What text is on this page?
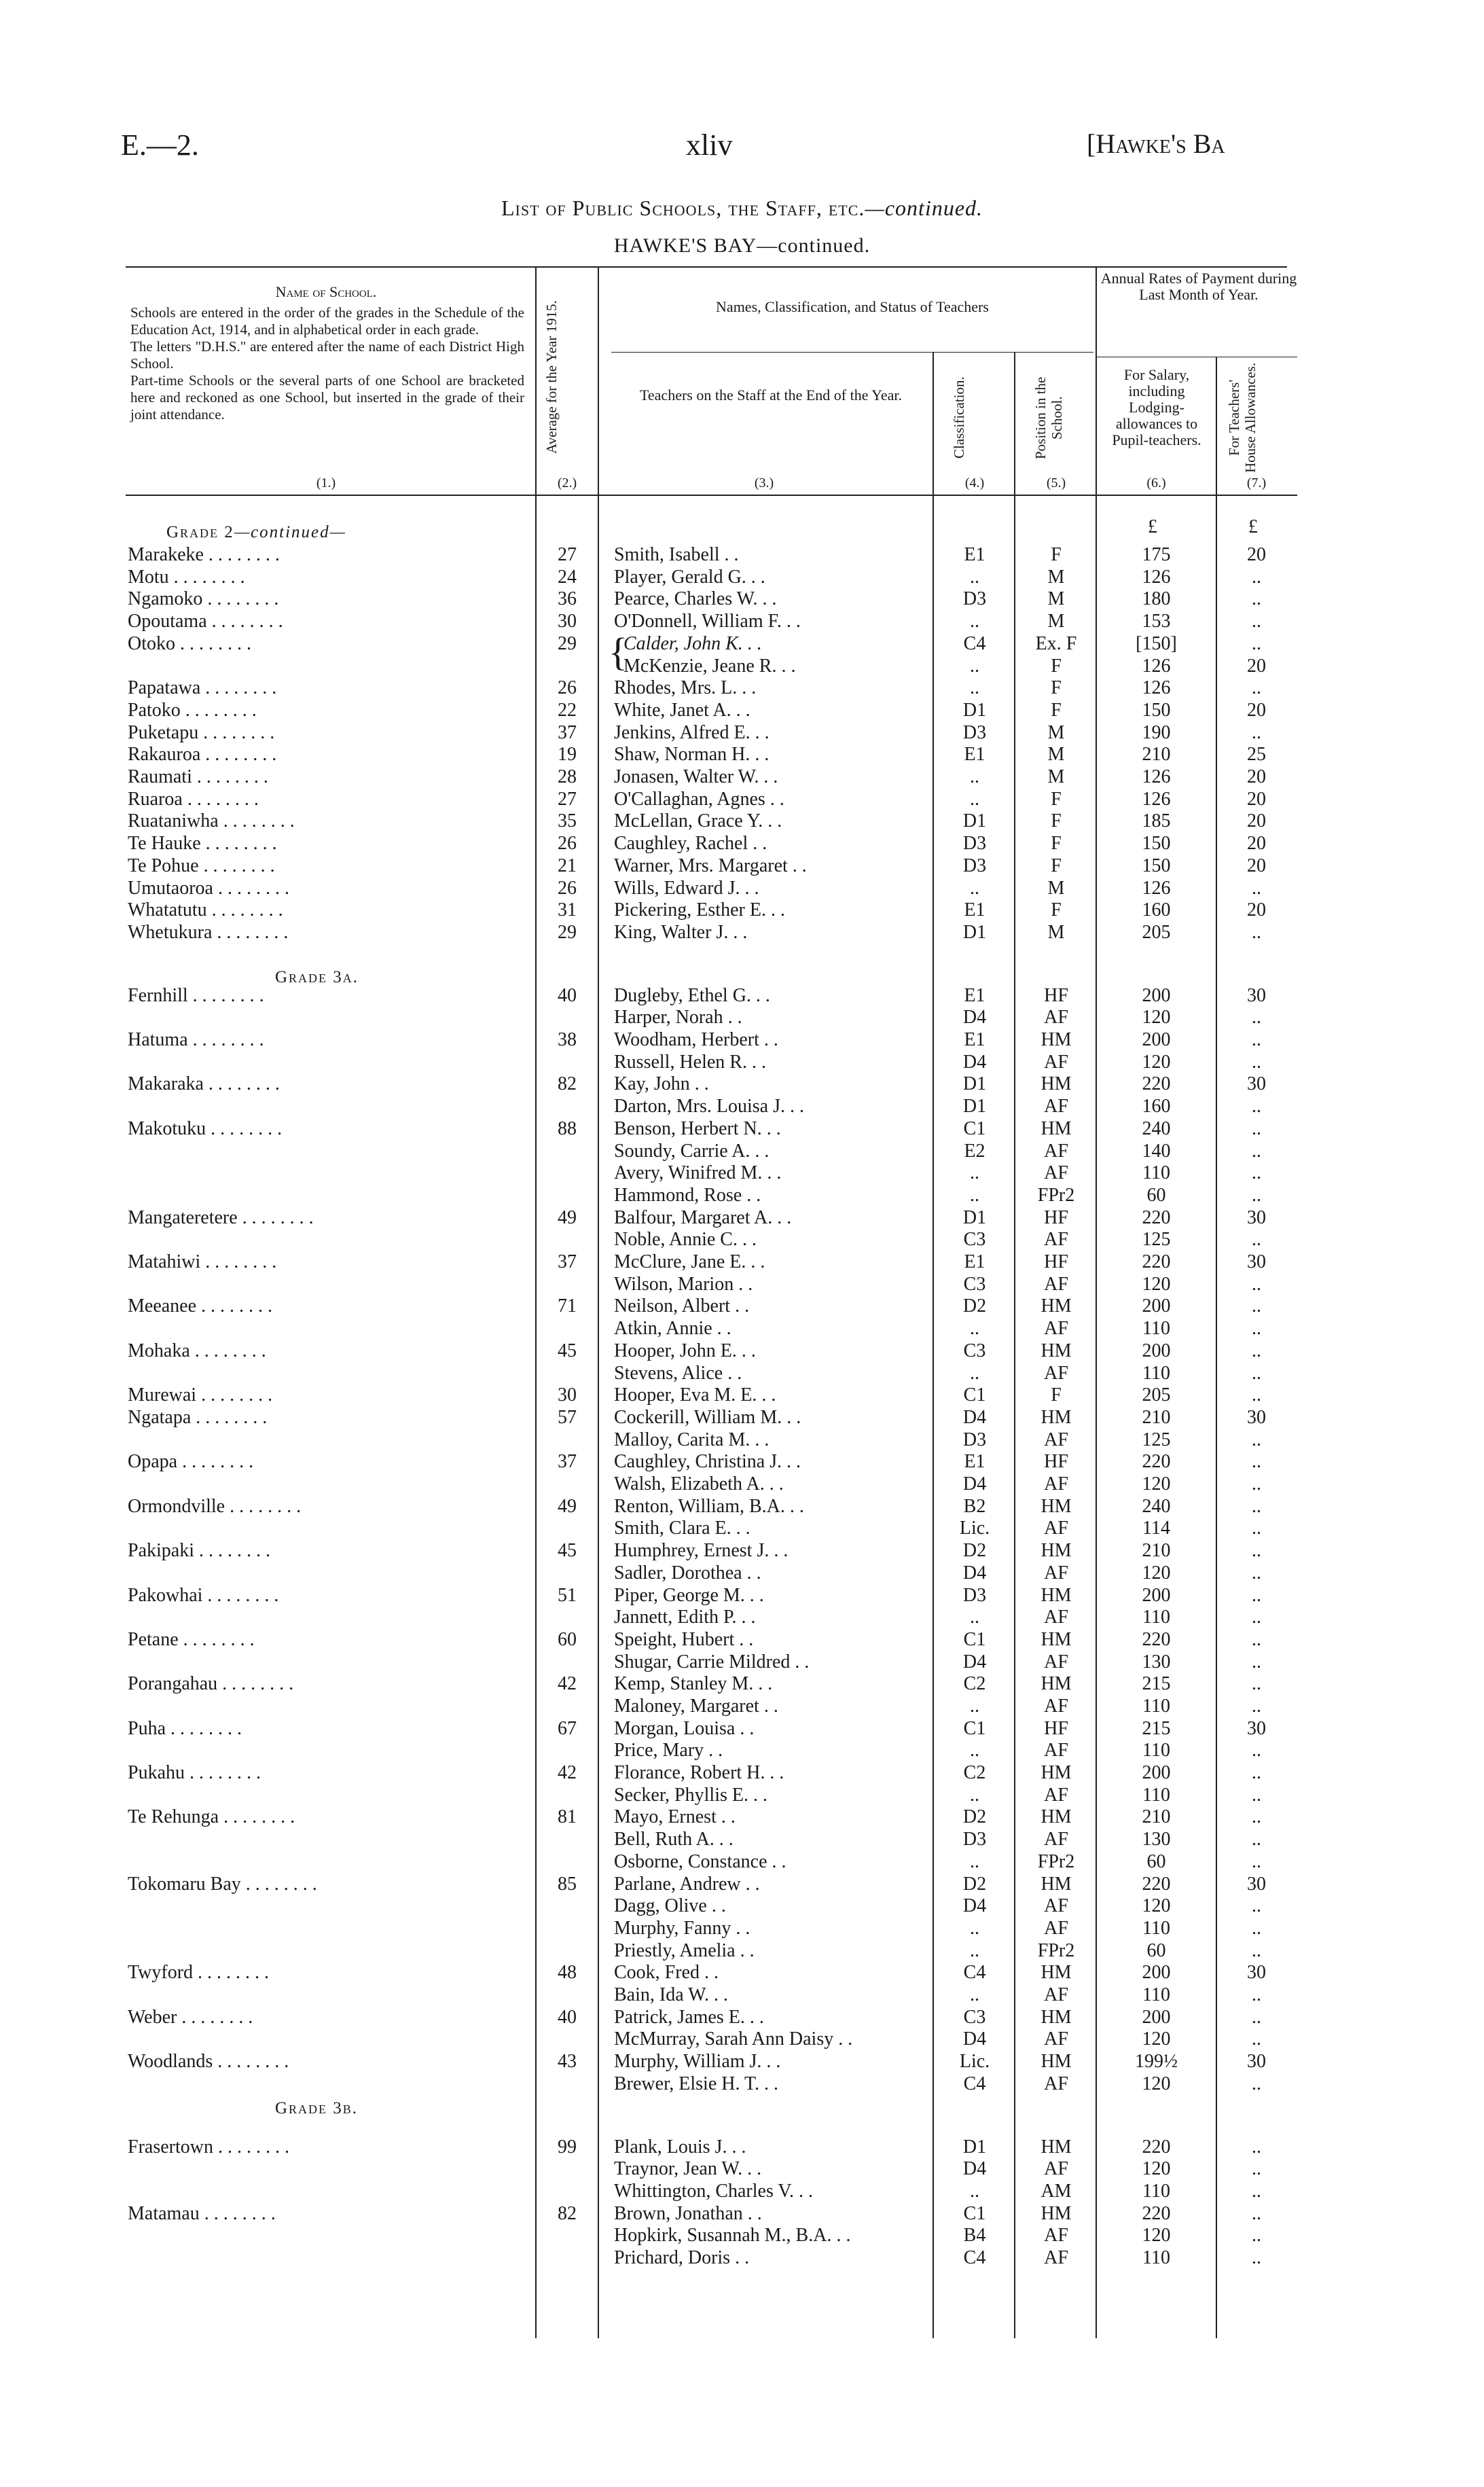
E.—2.	xliv	[Hawke's Ba
List of Public Schools, the Staff, etc.—continued.
HAWKE'S BAY—continued.
Name of School.
Schools are entered in the order of the grades in the Schedule of the Education Act, 1914, and in alphabetical order in each grade.
The letters "D.H.S." are entered after the name of each District High School.
Part-time Schools or the several parts of one School are bracketed here and reckoned as one School, but inserted in the grade of their joint attendance.	Average for the Year 1915.	Names, Classification, and Status of Teachers
Teachers on the Staff at the End of the Year.	Classification.	Position in the School.
Annual Rates of Payment during Last Month of Year.
For Salary, including Lodging-allowances to Pupil-teachers.	For Teachers' House Allowances.
(1.)	(2.)	(3.)	(4.)	(5.)	(6.)	(7.)
£	£
Grade 2—continued—
Grade 3a.
Grade 3b.
{
Marakeke . . . . . . . .	27	Smith, Isabell . .	E1	F	175	20
Motu . . . . . . . .	24	Player, Gerald G. . .	..	M	126	..
Ngamoko . . . . . . . .	36	Pearce, Charles W. . .	D3	M	180	..
Opoutama . . . . . . . .	30	O'Donnell, William F. . .	..	M	153	..
Otoko . . . . . . . .	29	Calder, John K. . .	C4	Ex. F	[150]	..
McKenzie, Jeane R. . .	..	F	126	20
Papatawa . . . . . . . .	26	Rhodes, Mrs. L. . .	..	F	126	..
Patoko . . . . . . . .	22	White, Janet A. . .	D1	F	150	20
Puketapu . . . . . . . .	37	Jenkins, Alfred E. . .	D3	M	190	..
Rakauroa . . . . . . . .	19	Shaw, Norman H. . .	E1	M	210	25
Raumati . . . . . . . .	28	Jonasen, Walter W. . .	..	M	126	20
Ruaroa . . . . . . . .	27	O'Callaghan, Agnes . .	..	F	126	20
Ruataniwha . . . . . . . .	35	McLellan, Grace Y. . .	D1	F	185	20
Te Hauke . . . . . . . .	26	Caughley, Rachel . .	D3	F	150	20
Te Pohue . . . . . . . .	21	Warner, Mrs. Margaret . .	D3	F	150	20
Umutaoroa . . . . . . . .	26	Wills, Edward J. . .	..	M	126	..
Whatatutu . . . . . . . .	31	Pickering, Esther E. . .	E1	F	160	20
Whetukura . . . . . . . .	29	King, Walter J. . .	D1	M	205	..
Fernhill . . . . . . . .	40	Dugleby, Ethel G. . .	E1	HF	200	30
Harper, Norah . .	D4	AF	120	..
Hatuma . . . . . . . .	38	Woodham, Herbert . .	E1	HM	200	..
Russell, Helen R. . .	D4	AF	120	..
Makaraka . . . . . . . .	82	Kay, John . .	D1	HM	220	30
Darton, Mrs. Louisa J. . .	D1	AF	160	..
Makotuku . . . . . . . .	88	Benson, Herbert N. . .	C1	HM	240	..
Soundy, Carrie A. . .	E2	AF	140	..
Avery, Winifred M. . .	..	AF	110	..
Hammond, Rose . .	..	FPr2	60	..
Mangateretere . . . . . . . .	49	Balfour, Margaret A. . .	D1	HF	220	30
Noble, Annie C. . .	C3	AF	125	..
Matahiwi . . . . . . . .	37	McClure, Jane E. . .	E1	HF	220	30
Wilson, Marion . .	C3	AF	120	..
Meeanee . . . . . . . .	71	Neilson, Albert . .	D2	HM	200	..
Atkin, Annie . .	..	AF	110	..
Mohaka . . . . . . . .	45	Hooper, John E. . .	C3	HM	200	..
Stevens, Alice . .	..	AF	110	..
Murewai . . . . . . . .	30	Hooper, Eva M. E. . .	C1	F	205	..
Ngatapa . . . . . . . .	57	Cockerill, William M. . .	D4	HM	210	30
Malloy, Carita M. . .	D3	AF	125	..
Opapa . . . . . . . .	37	Caughley, Christina J. . .	E1	HF	220	..
Walsh, Elizabeth A. . .	D4	AF	120	..
Ormondville . . . . . . . .	49	Renton, William, B.A. . .	B2	HM	240	..
Smith, Clara E. . .	Lic.	AF	114	..
Pakipaki . . . . . . . .	45	Humphrey, Ernest J. . .	D2	HM	210	..
Sadler, Dorothea . .	D4	AF	120	..
Pakowhai . . . . . . . .	51	Piper, George M. . .	D3	HM	200	..
Jannett, Edith P. . .	..	AF	110	..
Petane . . . . . . . .	60	Speight, Hubert . .	C1	HM	220	..
Shugar, Carrie Mildred . .	D4	AF	130	..
Porangahau . . . . . . . .	42	Kemp, Stanley M. . .	C2	HM	215	..
Maloney, Margaret . .	..	AF	110	..
Puha . . . . . . . .	67	Morgan, Louisa . .	C1	HF	215	30
Price, Mary . .	..	AF	110	..
Pukahu . . . . . . . .	42	Florance, Robert H. . .	C2	HM	200	..
Secker, Phyllis E. . .	..	AF	110	..
Te Rehunga . . . . . . . .	81	Mayo, Ernest . .	D2	HM	210	..
Bell, Ruth A. . .	D3	AF	130	..
Osborne, Constance . .	..	FPr2	60	..
Tokomaru Bay . . . . . . . .	85	Parlane, Andrew . .	D2	HM	220	30
Dagg, Olive . .	D4	AF	120	..
Murphy, Fanny . .	..	AF	110	..
Priestly, Amelia . .	..	FPr2	60	..
Twyford . . . . . . . .	48	Cook, Fred . .	C4	HM	200	30
Bain, Ida W. . .	..	AF	110	..
Weber . . . . . . . .	40	Patrick, James E. . .	C3	HM	200	..
McMurray, Sarah Ann Daisy . .	D4	AF	120	..
Woodlands . . . . . . . .	43	Murphy, William J. . .	Lic.	HM	199½	30
Brewer, Elsie H. T. . .	C4	AF	120	..
Frasertown . . . . . . . .	99	Plank, Louis J. . .	D1	HM	220	..
Traynor, Jean W. . .	D4	AF	120	..
Whittington, Charles V. . .	..	AM	110	..
Matamau . . . . . . . .	82	Brown, Jonathan . .	C1	HM	220	..
Hopkirk, Susannah M., B.A. . .	B4	AF	120	..
Prichard, Doris . .	C4	AF	110	..
